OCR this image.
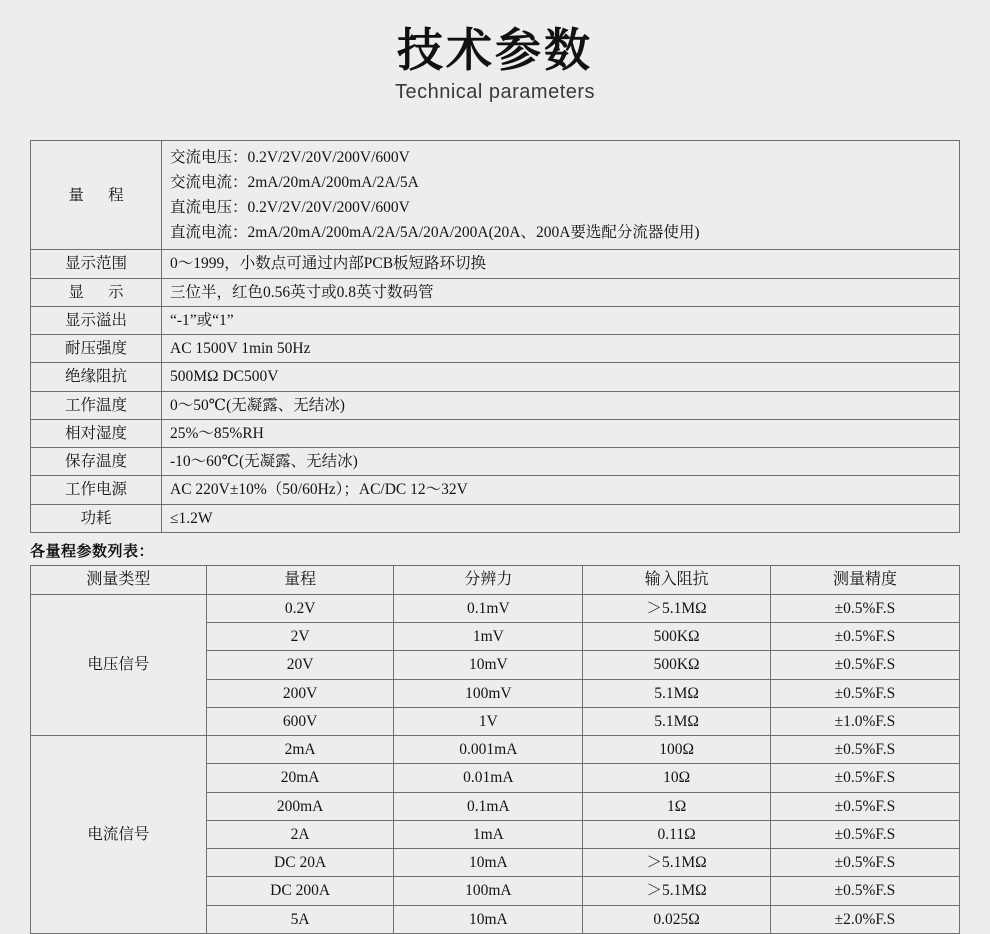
技术参数
Technical parameters
量　程	交流电压：0.2V/2V/20V/200V/600V
交流电流：2mA/20mA/200mA/2A/5A
直流电压：0.2V/2V/20V/200V/600V
直流电流：2mA/20mA/200mA/2A/5A/20A/200A(20A、200A要选配分流器使用)

显示范围	0～1999，小数点可通过内部PCB板短路环切换
显　示	三位半，红色0.56英寸或0.8英寸数码管
显示溢出	“-1”或“1”
耐压强度	AC 1500V 1min 50Hz
绝缘阻抗	500MΩ DC500V
工作温度	0～50℃(无凝露、无结冰)
相对湿度	25%～85%RH
保存温度	-10～60℃(无凝露、无结冰)
工作电源	AC 220V±10%（50/60Hz）；AC/DC 12～32V
功耗	≤1.2W
各量程参数列表：
测量类型	量程	分辨力	输入阻抗	测量精度
电压信号	0.2V	0.1mV	＞5.1MΩ	±0.5%F.S
	2V	1mV	500KΩ	±0.5%F.S
	20V	10mV	500KΩ	±0.5%F.S
	200V	100mV	5.1MΩ	±0.5%F.S
	600V	1V	5.1MΩ	±1.0%F.S
电流信号	2mA	0.001mA	100Ω	±0.5%F.S
	20mA	0.01mA	10Ω	±0.5%F.S
	200mA	0.1mA	1Ω	±0.5%F.S
	2A	1mA	0.11Ω	±0.5%F.S
	DC 20A	10mA	＞5.1MΩ	±0.5%F.S
	DC 200A	100mA	＞5.1MΩ	±0.5%F.S
	5A	10mA	0.025Ω	±2.0%F.S
